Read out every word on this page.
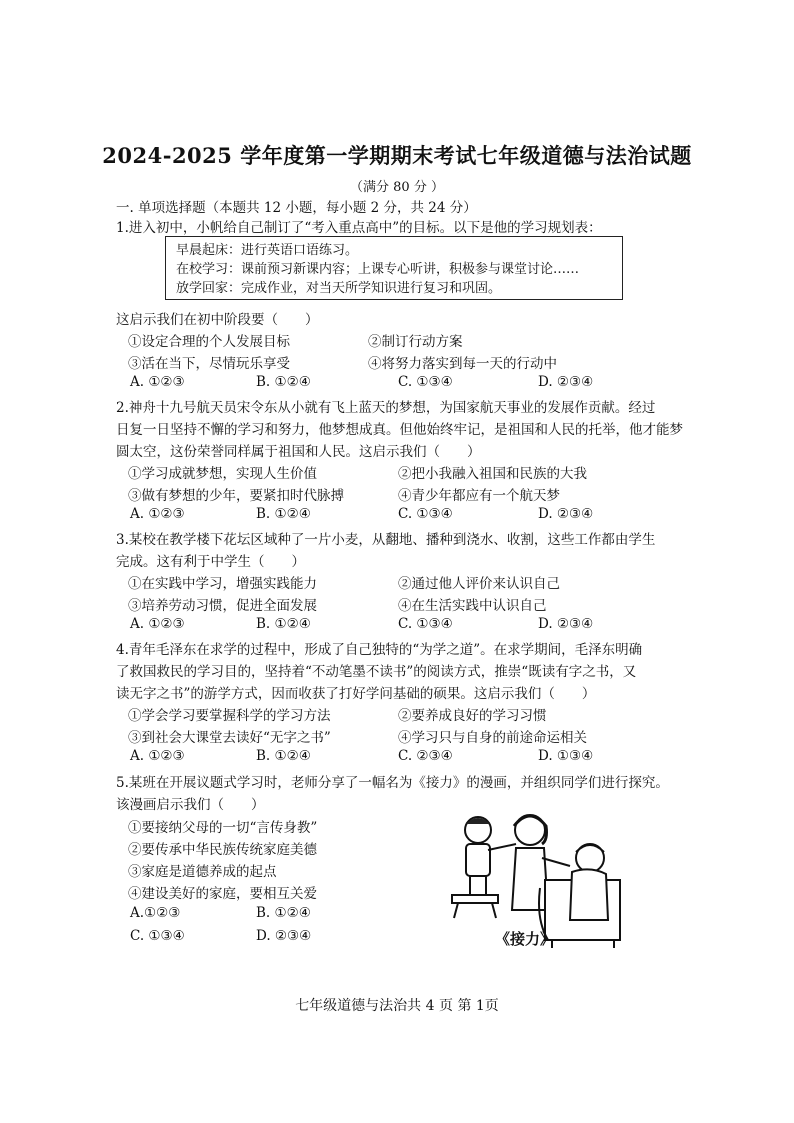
2024-2025 学年度第一学期期末考试七年级道德与法治试题
（满分 80 分 ）
一. 单项选择题（本题共 12 小题，每小题 2 分，共 24 分）
1.进入初中，小帆给自己制订了“考入重点高中”的目标。以下是他的学习规划表：
早晨起床：进行英语口语练习。
在校学习：课前预习新课内容；上课专心听讲，积极参与课堂讨论……
放学回家：完成作业，对当天所学知识进行复习和巩固。
这启示我们在初中阶段要（　　）
①设定合理的个人发展目标	②制订行动方案
③活在当下，尽情玩乐享受	④将努力落实到每一天的行动中
A. ①②③	B. ①②④	C. ①③④	D. ②③④
2.神舟十九号航天员宋令东从小就有飞上蓝天的梦想，为国家航天事业的发展作贡献。经过
日复一日坚持不懈的学习和努力，他梦想成真。但他始终牢记，是祖国和人民的托举，他才能梦
圆太空，这份荣誉同样属于祖国和人民。这启示我们（　　）
①学习成就梦想，实现人生价值	②把小我融入祖国和民族的大我
③做有梦想的少年，要紧扣时代脉搏	④青少年都应有一个航天梦
A. ①②③	B. ①②④	C. ①③④	D. ②③④
3.某校在教学楼下花坛区域种了一片小麦，从翻地、播种到浇水、收割，这些工作都由学生
完成。这有利于中学生（　　）
①在实践中学习，增强实践能力	②通过他人评价来认识自己
③培养劳动习惯，促进全面发展	④在生活实践中认识自己
A. ①②③	B. ①②④	C. ①③④	D. ②③④
4.青年毛泽东在求学的过程中，形成了自己独特的“为学之道”。在求学期间，毛泽东明确
了救国救民的学习目的，坚持着“不动笔墨不读书”的阅读方式，推崇“既读有字之书，又
读无字之书”的游学方式，因而收获了打好学问基础的硕果。这启示我们（　　）
①学会学习要掌握科学的学习方法	②要养成良好的学习习惯
③到社会大课堂去读好“无字之书”	④学习只与自身的前途命运相关
A. ①②③	B. ①②④	C. ②③④	D. ①③④
5.某班在开展议题式学习时，老师分享了一幅名为《接力》的漫画，并组织同学们进行探究。
该漫画启示我们（　　）
①要接纳父母的一切“言传身教”
②要传承中华民族传统家庭美德
③家庭是道德养成的起点
④建设美好的家庭，要相互关爱
A.①②③	B. ①②④
C. ①③④	D. ②③④	《接力》
七年级道德与法治共 4 页 第 1页
